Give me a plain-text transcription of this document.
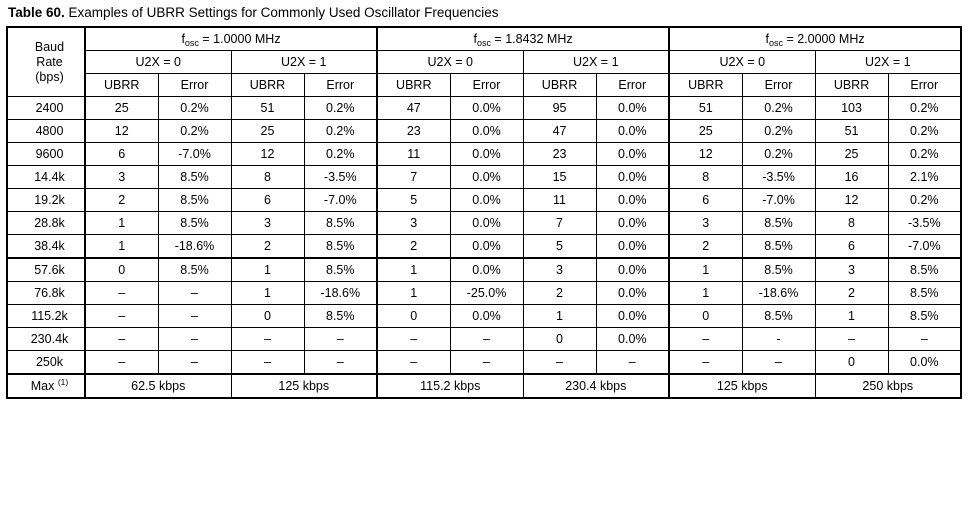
Table 60. Examples of UBRR Settings for Commonly Used Oscillator Frequencies
Baud
Rate
(bps)	$f_{osc} = 1.0000$ MHz				$f_{osc} = 1.8432$ MHz				$f_{osc} = 2.0000$ MHz			
	U2X = 0		U2X = 1		U2X = 0		U2X = 1		U2X = 0		U2X = 1	
	UBRR	Error	UBRR	Error	UBRR	Error	UBRR	Error	UBRR	Error	UBRR	Error
2400	25	0.2%	51	0.2%	47	0.0%	95	0.0%	51	0.2%	103	0.2%
4800	12	0.2%	25	0.2%	23	0.0%	47	0.0%	25	0.2%	51	0.2%
9600	6	-7.0%	12	0.2%	11	0.0%	23	0.0%	12	0.2%	25	0.2%
14.4k	3	8.5%	8	-3.5%	7	0.0%	15	0.0%	8	-3.5%	16	2.1%
19.2k	2	8.5%	6	-7.0%	5	0.0%	11	0.0%	6	-7.0%	12	0.2%
28.8k	1	8.5%	3	8.5%	3	0.0%	7	0.0%	3	8.5%	8	-3.5%
38.4k	1	-18.6%	2	8.5%	2	0.0%	5	0.0%	2	8.5%	6	-7.0%
57.6k	0	8.5%	1	8.5%	1	0.0%	3	0.0%	1	8.5%	3	8.5%
76.8k	–	–	1	-18.6%	1	-25.0%	2	0.0%	1	-18.6%	2	8.5%
115.2k	–	–	0	8.5%	0	0.0%	1	0.0%	0	8.5%	1	8.5%
230.4k	–	–	–	–	–	–	0	0.0%	–	-	–	–
250k	–	–	–	–	–	–	–	–	–	–	0	0.0%
Max $^{(1)}$	62.5 kbps		125 kbps		115.2 kbps		230.4 kbps		125 kbps		250 kbps	
